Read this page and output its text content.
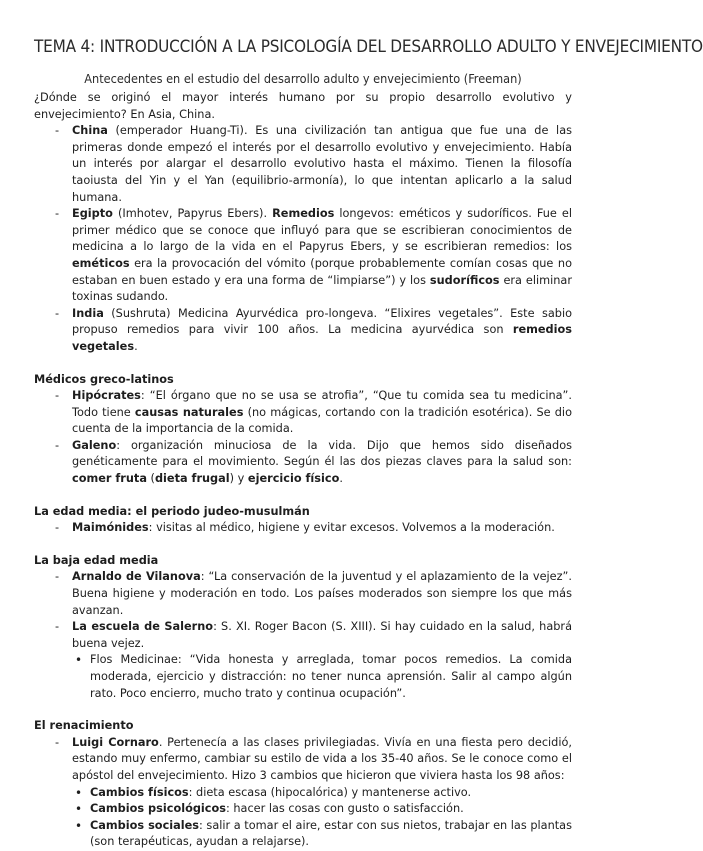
TEMA 4: INTRODUCCIÓN A LA PSICOLOGÍA DEL DESARROLLO ADULTO Y ENVEJECIMIENTO
Antecedentes en el estudio del desarrollo adulto y envejecimiento (Freeman)

¿Dónde se originó el mayor interés humano por su propio desarrollo evolutivo y envejecimiento? En Asia, China.

- China (emperador Huang-Ti). Es una civilización tan antigua que fue una de las primeras donde empezó el interés por el desarrollo evolutivo y envejecimiento. Había un interés por alargar el desarrollo evolutivo hasta el máximo. Tienen la filosofía taoiusta del Yin y el Yan (equilibrio-armonía), lo que intentan aplicarlo a la salud humana.
- Egipto (Imhotev, Papyrus Ebers). Remedios longevos: eméticos y sudoríficos. Fue el primer médico que se conoce que influyó para que se escribieran conocimientos de medicina a lo largo de la vida en el Papyrus Ebers, y se escribieran remedios: los eméticos era la provocación del vómito (porque probablemente comían cosas que no estaban en buen estado y era una forma de “limpiarse”) y los sudoríficos era eliminar toxinas sudando.
- India (Sushruta) Medicina Ayurvédica pro-longeva. “Elixires vegetales”. Este sabio propuso remedios para vivir 100 años. La medicina ayurvédica son remedios vegetales.
Médicos greco-latinos
- Hipócrates: “El órgano que no se usa se atrofia”, “Que tu comida sea tu medicina”. Todo tiene causas naturales (no mágicas, cortando con la tradición esotérica). Se dio cuenta de la importancia de la comida.
- Galeno: organización minuciosa de la vida. Dijo que hemos sido diseñados genéticamente para el movimiento. Según él las dos piezas claves para la salud son: comer fruta (dieta frugal) y ejercicio físico.
La edad media: el periodo judeo-musulmán
- Maimónides: visitas al médico, higiene y evitar excesos. Volvemos a la moderación.
La baja edad media
- Arnaldo de Vilanova: “La conservación de la juventud y el aplazamiento de la vejez”. Buena higiene y moderación en todo. Los países moderados son siempre los que más avanzan.
- La escuela de Salerno: S. XI. Roger Bacon (S. XIII). Si hay cuidado en la salud, habrá buena vejez.
• Flos Medicinae: “Vida honesta y arreglada, tomar pocos remedios. La comida moderada, ejercicio y distracción: no tener nunca aprensión. Salir al campo algún rato. Poco encierro, mucho trato y continua ocupación”.
El renacimiento
- Luigi Cornaro. Pertenecía a las clases privilegiadas. Vivía en una fiesta pero decidió, estando muy enfermo, cambiar su estilo de vida a los 35-40 años. Se le conoce como el apóstol del envejecimiento. Hizo 3 cambios que hicieron que viviera hasta los 98 años:
• Cambios físicos: dieta escasa (hipocalórica) y mantenerse activo.
• Cambios psicológicos: hacer las cosas con gusto o satisfacción.
• Cambios sociales: salir a tomar el aire, estar con sus nietos, trabajar en las plantas (son terapéuticas, ayudan a relajarse).
